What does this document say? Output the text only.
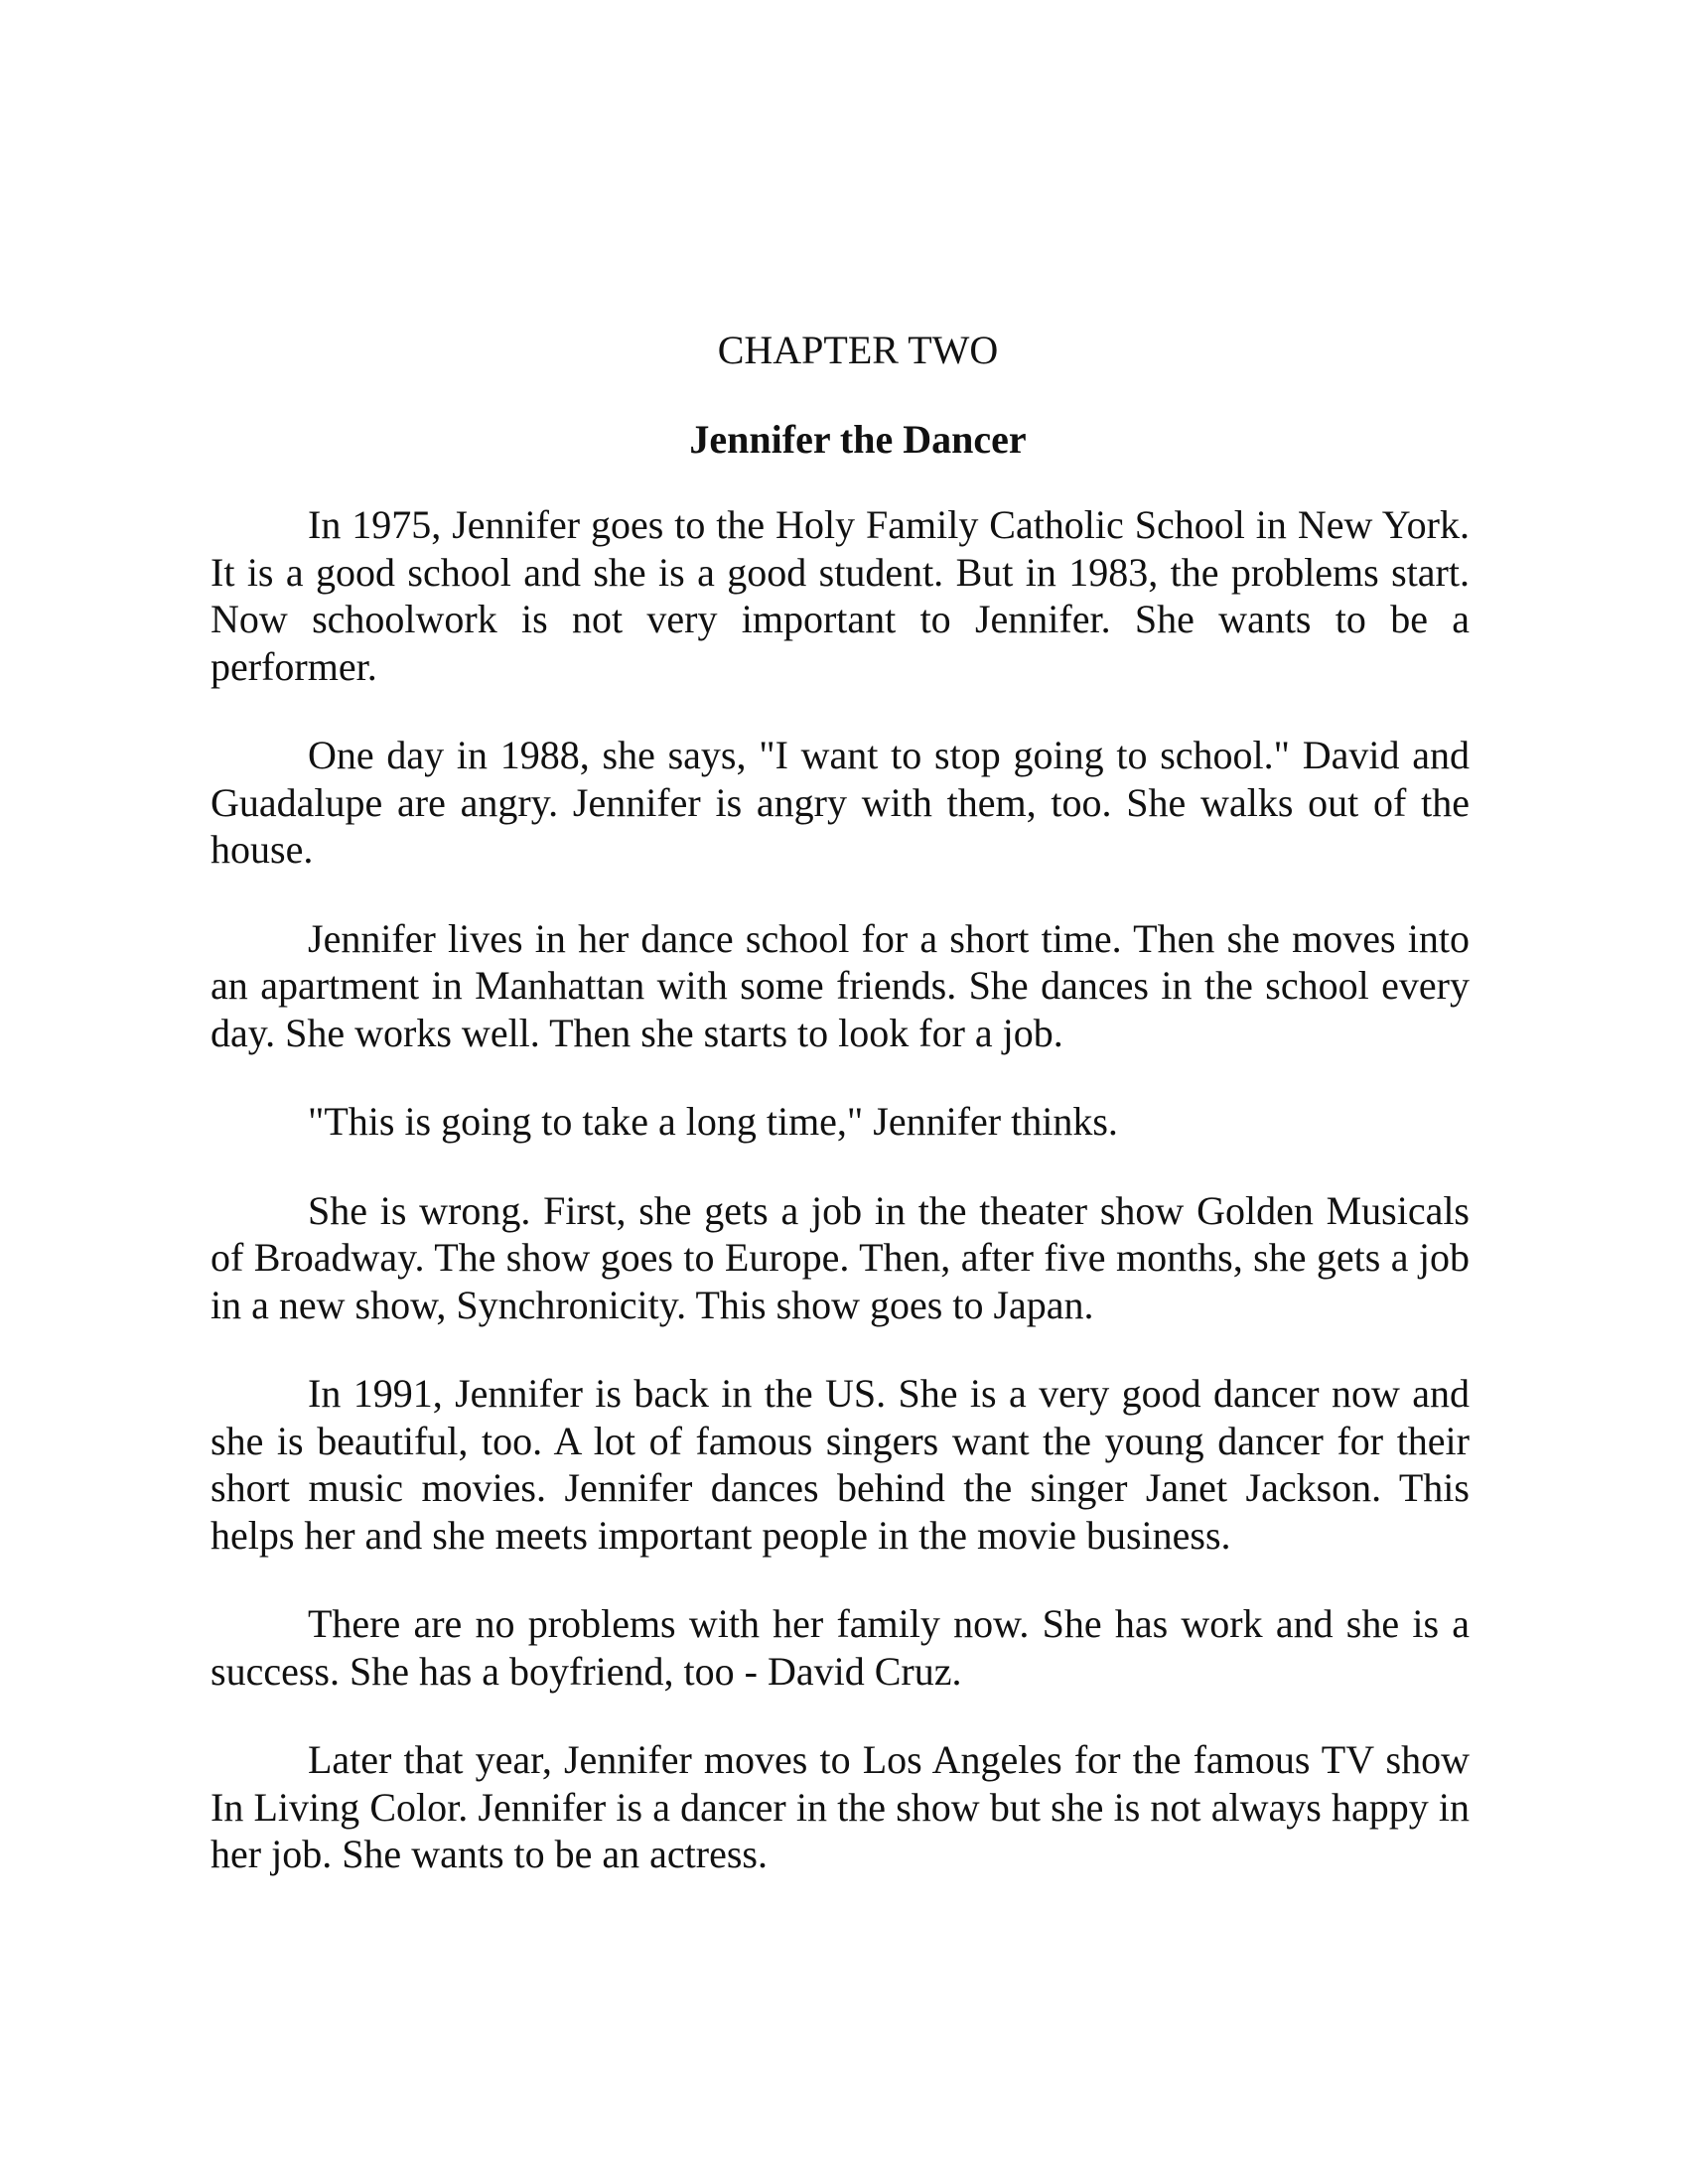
CHAPTER TWO
Jennifer the Dancer

In 1975, Jennifer goes to the Holy Family Catholic School in New York. It is a good school and she is a good student. But in 1983, the problems start. Now schoolwork is not very important to Jennifer. She wants to be a performer.

One day in 1988, she says, "I want to stop going to school." David and Guadalupe are angry. Jennifer is angry with them, too. She walks out of the house.

Jennifer lives in her dance school for a short time. Then she moves into an apartment in Manhattan with some friends. She dances in the school every day. She works well. Then she starts to look for a job.

"This is going to take a long time," Jennifer thinks.

She is wrong. First, she gets a job in the theater show Golden Musicals of Broadway. The show goes to Europe. Then, after five months, she gets a job in a new show, Synchronicity. This show goes to Japan.

In 1991, Jennifer is back in the US. She is a very good dancer now and she is beautiful, too. A lot of famous singers want the young dancer for their short music movies. Jennifer dances behind the singer Janet Jackson. This helps her and she meets important people in the movie business.

There are no problems with her family now. She has work and she is a success. She has a boyfriend, too - David Cruz.

Later that year, Jennifer moves to Los Angeles for the famous TV show In Living Color. Jennifer is a dancer in the show but she is not always happy in her job. She wants to be an actress.
